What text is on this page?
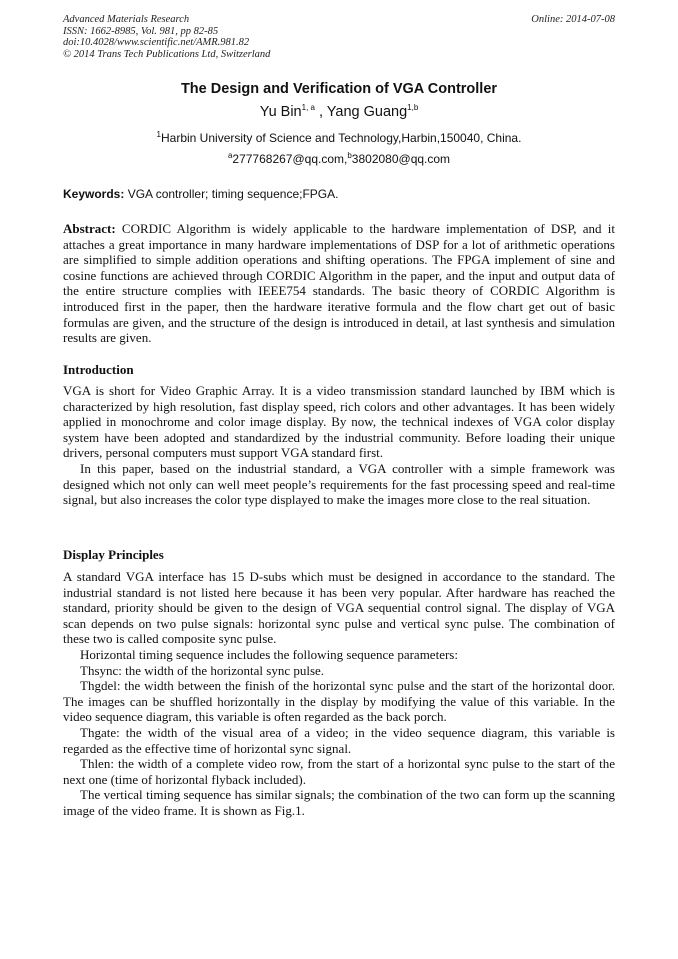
Advanced Materials Research
ISSN: 1662-8985, Vol. 981, pp 82-85
doi:10.4028/www.scientific.net/AMR.981.82
© 2014 Trans Tech Publications Ltd, Switzerland
Online: 2014-07-08
The Design and Verification of VGA Controller
Yu Bin$^{1, a}$ , Yang Guang$^{1,b}$
$^1$Harbin University of Science and Technology,Harbin,150040, China.
$^a$277768267@qq.com,$^b$3802080@qq.com
Keywords: VGA controller; timing sequence;FPGA.

Abstract: CORDIC Algorithm is widely applicable to the hardware implementation of DSP, and it attaches a great importance in many hardware implementations of DSP for a lot of arithmetic operations are simplified to simple addition operations and shifting operations. The FPGA implement of sine and cosine functions are achieved through CORDIC Algorithm in the paper, and the input and output data of the entire structure complies with IEEE754 standards. The basic theory of CORDIC Algorithm is introduced first in the paper, then the hardware iterative formula and the flow chart get out of basic formulas are given, and the structure of the design is introduced in detail, at last synthesis and simulation results are given.

Introduction

VGA is short for Video Graphic Array. It is a video transmission standard launched by IBM which is characterized by high resolution, fast display speed, rich colors and other advantages. It has been widely applied in monochrome and color image display. By now, the technical indexes of VGA color display system have been adopted and standardized by the industrial community. Before loading their unique drivers, personal computers must support VGA standard first.

In this paper, based on the industrial standard, a VGA controller with a simple framework was designed which not only can well meet people’s requirements for the fast processing speed and real-time signal, but also increases the color type displayed to make the images more close to the real situation.

Display Principles

A standard VGA interface has 15 D-subs which must be designed in accordance to the standard. The industrial standard is not listed here because it has been very popular. After hardware has reached the standard, priority should be given to the design of VGA sequential control signal. The display of VGA scan depends on two pulse signals: horizontal sync pulse and vertical sync pulse. The combination of these two is called composite sync pulse.

Horizontal timing sequence includes the following sequence parameters:

Thsync: the width of the horizontal sync pulse.

Thgdel: the width between the finish of the horizontal sync pulse and the start of the horizontal door. The images can be shuffled horizontally in the display by modifying the value of this variable. In the video sequence diagram, this variable is often regarded as the back porch.

Thgate: the width of the visual area of a video; in the video sequence diagram, this variable is regarded as the effective time of horizontal sync signal.

Thlen: the width of a complete video row, from the start of a horizontal sync pulse to the start of the next one (time of horizontal flyback included).

The vertical timing sequence has similar signals; the combination of the two can form up the scanning image of the video frame. It is shown as Fig.1.
